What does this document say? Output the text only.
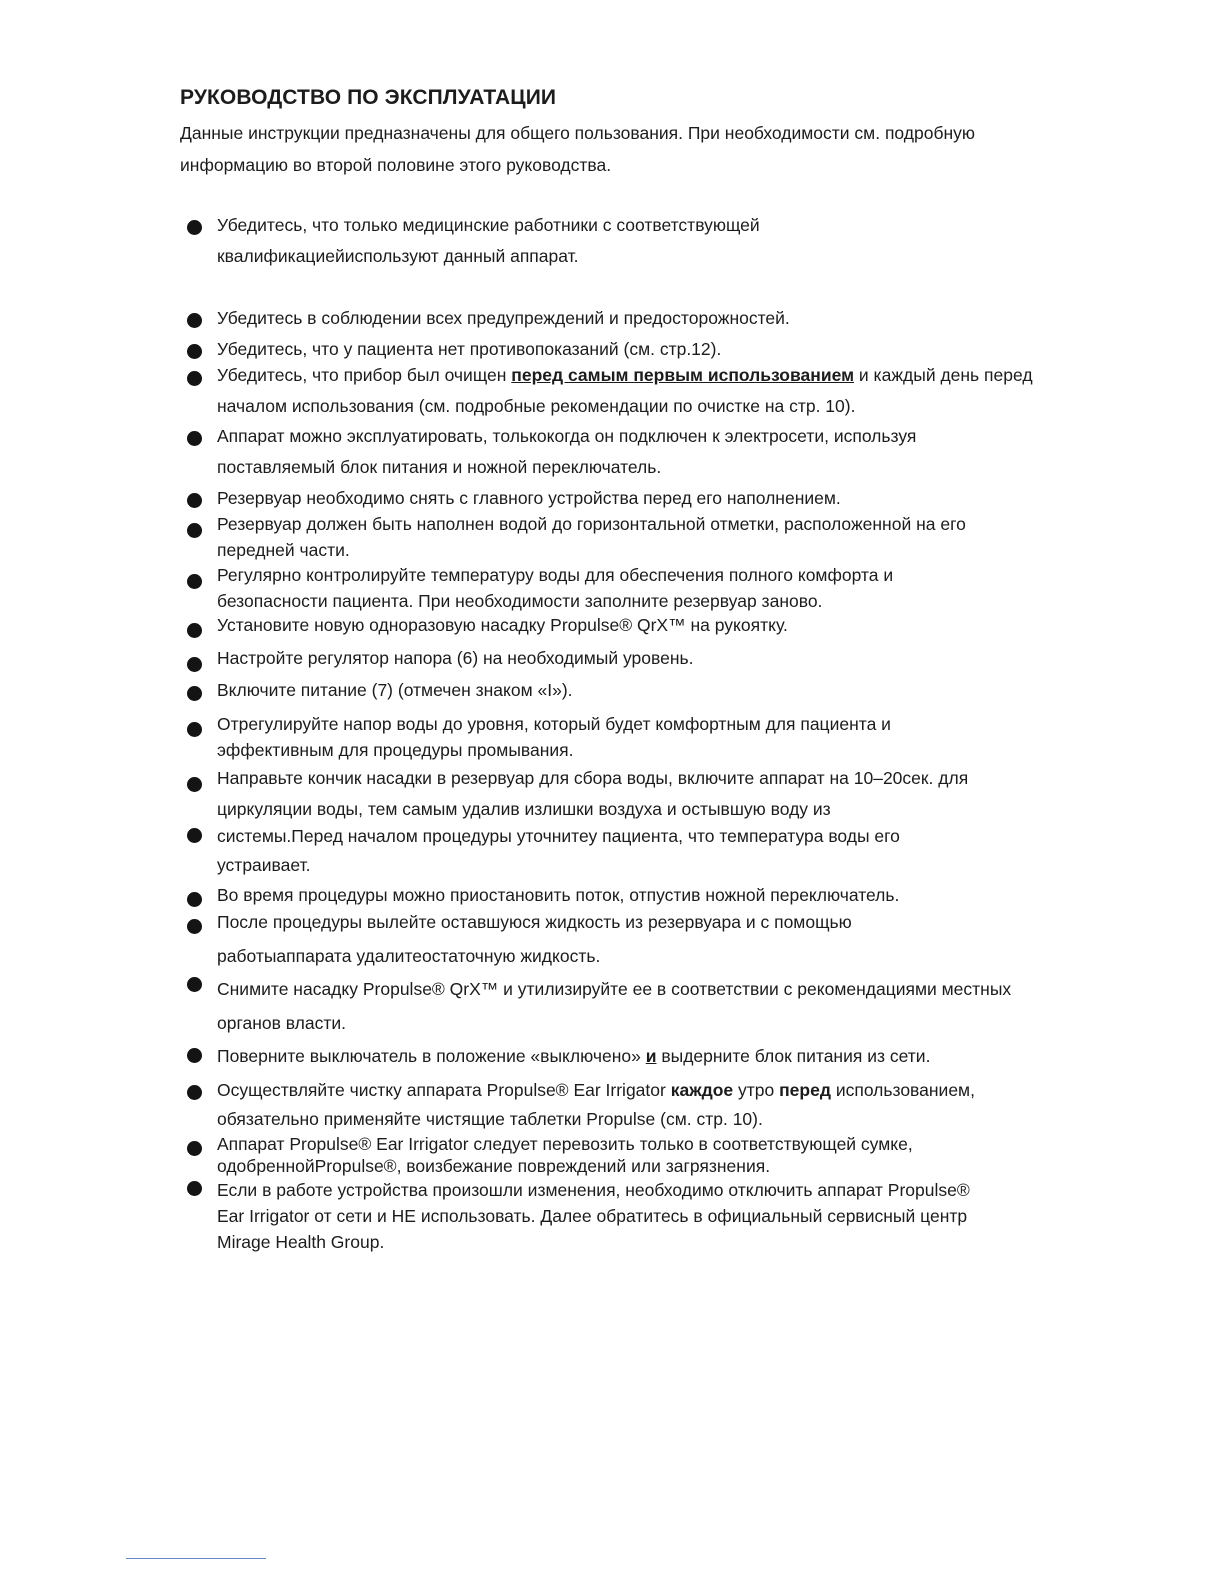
РУКОВОДСТВО ПО ЭКСПЛУАТАЦИИ

Данные инструкции предназначены для общего пользования. При необходимости см. подробную информацию во второй половине этого руководства.

Убедитесь, что только медицинские работники с соответствующей квалификациейиспользуют данный аппарат.

Убедитесь в соблюдении всех предупреждений и предосторожностей.

Убедитесь, что у пациента нет противопоказаний (см. стр.12).

Убедитесь, что прибор был очищен перед самым первым использованием и каждый день перед началом использования (см. подробные рекомендации по очистке на стр. 10).

Аппарат можно эксплуатировать, толькокогда он подключен к электросети, используя поставляемый блок питания и ножной переключатель.

Резервуар необходимо снять с главного устройства перед его наполнением.

Резервуар должен быть наполнен водой до горизонтальной отметки, расположенной на его передней части.

Регулярно контролируйте температуру воды для обеспечения полного комфорта и безопасности пациента. При необходимости заполните резервуар заново.

Установите новую одноразовую насадку Propulse® QrX™ на рукоятку.

Настройте регулятор напора (6) на необходимый уровень.

Включите питание (7) (отмечен знаком «I»).

Отрегулируйте напор воды до уровня, который будет комфортным для пациента и эффективным для процедуры промывания.

Направьте кончик насадки в резервуар для сбора воды, включите аппарат на 10–20сек. для циркуляции воды, тем самым удалив излишки воздуха и остывшую воду из

системы.Перед началом процедуры уточнитеу пациента, что температура воды его устраивает.

Во время процедуры можно приостановить поток, отпустив ножной переключатель.

После процедуры вылейте оставшуюся жидкость из резервуара и с помощью работыаппарата удалитеостаточную жидкость.

Снимите насадку Propulse® QrX™ и утилизируйте ее в соответствии с рекомендациями местных органов власти.

Поверните выключатель в положение «выключено» и выдерните блок питания из сети.

Осуществляйте чистку аппарата Propulse® Ear Irrigator каждое утро перед использованием, обязательно применяйте чистящие таблетки Propulse (см. стр. 10).

Аппарат Propulse® Ear Irrigator следует перевозить только в соответствующей сумке, одобреннойPropulse®, воизбежание повреждений или загрязнения.

Если в работе устройства произошли изменения, необходимо отключить аппарат Propulse® Ear Irrigator от сети и НЕ использовать. Далее обратитесь в официальный сервисный центр Mirage Health Group.
